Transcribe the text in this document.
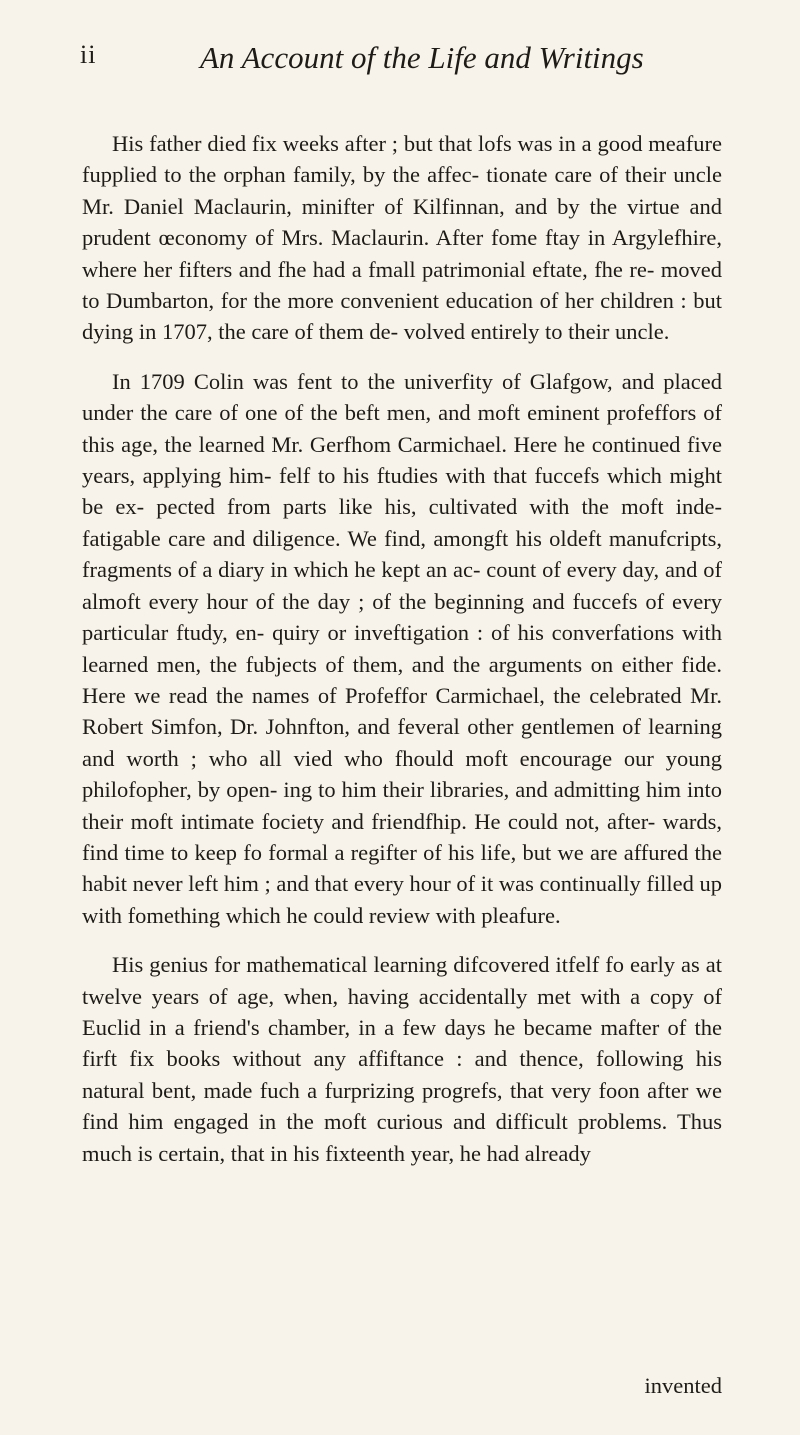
ii	An Account of the Life and Writings

His father died fix weeks after ; but that lofs was in a good meafure fupplied to the orphan family, by the affec- tionate care of their uncle Mr. Daniel Maclaurin, minifter of Kilfinnan, and by the virtue and prudent œconomy of Mrs. Maclaurin. After fome ftay in Argylefhire, where her fifters and fhe had a fmall patrimonial eftate, fhe re- moved to Dumbarton, for the more convenient education of her children : but dying in 1707, the care of them de- volved entirely to their uncle.

In 1709 Colin was fent to the univerfity of Glafgow, and placed under the care of one of the beft men, and moft eminent profeffors of this age, the learned Mr. Gerfhom Carmichael. Here he continued five years, applying him- felf to his ftudies with that fuccefs which might be ex- pected from parts like his, cultivated with the moft inde- fatigable care and diligence. We find, amongft his oldeft manufcripts, fragments of a diary in which he kept an ac- count of every day, and of almoft every hour of the day ; of the beginning and fuccefs of every particular ftudy, en- quiry or inveftigation : of his converfations with learned men, the fubjects of them, and the arguments on either fide. Here we read the names of Profeffor Carmichael, the celebrated Mr. Robert Simfon, Dr. Johnfton, and feveral other gentlemen of learning and worth ; who all vied who fhould moft encourage our young philofopher, by open- ing to him their libraries, and admitting him into their moft intimate fociety and friendfhip. He could not, after- wards, find time to keep fo formal a regifter of his life, but we are affured the habit never left him ; and that every hour of it was continually filled up with fomething which he could review with pleafure.

His genius for mathematical learning difcovered itfelf fo early as at twelve years of age, when, having accidentally met with a copy of Euclid in a friend's chamber, in a few days he became mafter of the firft fix books without any affiftance : and thence, following his natural bent, made fuch a furprizing progrefs, that very foon after we find him engaged in the moft curious and difficult problems. Thus much is certain, that in his fixteenth year, he had already

invented
